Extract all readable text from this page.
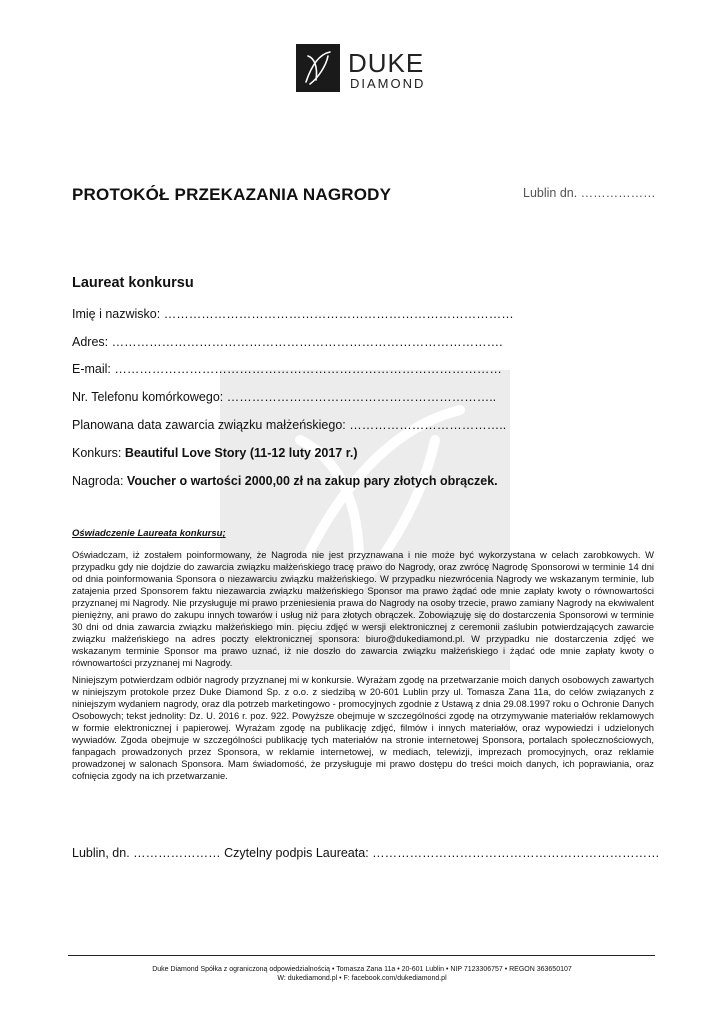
DUKE
DIAMOND
PROTOKÓŁ PRZEKAZANIA NAGRODY	Lublin dn. ………………
Laureat konkursu
Imię i nazwisko: …………………………………………………………………………
Adres: ………………………………………………………………………………….
E-mail: …………………………………………………………………………………
Nr. Telefonu komórkowego: ………………………………………………………..
Planowana data zawarcia związku małżeńskiego: ………………………………..
Konkurs: Beautiful Love Story (11-12 luty 2017 r.)
Nagroda: Voucher o wartości 2000,00 zł na zakup pary złotych obrączek.
Oświadczenie Laureata konkursu;
Oświadczam, iż zostałem poinformowany, że Nagroda nie jest przyznawana i nie może być wykorzystana w celach zarobkowych. W przypadku gdy nie dojdzie do zawarcia związku małżeńskiego tracę prawo do Nagrody, oraz zwrócę Nagrodę Sponsorowi w terminie 14 dni od dnia poinformowania Sponsora o niezawarciu związku małżeńskiego. W przypadku niezwrócenia Nagrody we wskazanym terminie, lub zatajenia przed Sponsorem faktu niezawarcia związku małżeńskiego Sponsor ma prawo żądać ode mnie zapłaty kwoty o równowartości przyznanej mi Nagrody. Nie przysługuje mi prawo przeniesienia prawa do Nagrody na osoby trzecie, prawo zamiany Nagrody na ekwiwalent pieniężny, ani prawo do zakupu innych towarów i usług niż para złotych obrączek. Zobowiązuję się do dostarczenia Sponsorowi w terminie 30 dni od dnia zawarcia związku małżeńskiego min. pięciu zdjęć w wersji elektronicznej z ceremonii zaślubin potwierdzających zawarcie związku małżeńskiego na adres poczty elektronicznej sponsora: biuro@dukediamond.pl. W przypadku nie dostarczenia zdjęć we wskazanym terminie Sponsor ma prawo uznać, iż nie doszło do zawarcia związku małżeńskiego i żądać ode mnie zapłaty kwoty o równowartości przyznanej mi Nagrody.
Niniejszym potwierdzam odbiór nagrody przyznanej mi w konkursie. Wyrażam zgodę na przetwarzanie moich danych osobowych zawartych w niniejszym protokole przez Duke Diamond Sp. z o.o. z siedzibą w 20-601 Lublin przy ul. Tomasza Zana 11a, do celów związanych z niniejszym wydaniem nagrody, oraz dla potrzeb marketingowo - promocyjnych zgodnie z Ustawą z dnia 29.08.1997 roku o Ochronie Danych Osobowych; tekst jednolity: Dz. U. 2016 r. poz. 922. Powyższe obejmuje w szczególności zgodę na otrzymywanie materiałów reklamowych w formie elektronicznej i papierowej. Wyrażam zgodę na publikację zdjęć, filmów i innych materiałów, oraz wypowiedzi i udzielonych wywiadów. Zgoda obejmuje w szczególności publikację tych materiałów na stronie internetowej Sponsora, portalach społecznościowych, fanpagach prowadzonych przez Sponsora, w reklamie internetowej, w mediach, telewizji, imprezach promocyjnych, oraz reklamie prowadzonej w salonach Sponsora. Mam świadomość, że przysługuje mi prawo dostępu do treści moich danych, ich poprawiania, oraz cofnięcia zgody na ich przetwarzanie.
Lublin, dn. ………………… Czytelny podpis Laureata: ……………………………………………………………
Duke Diamond Spółka z ograniczoną odpowiedzialnością • Tomasza Zana 11a • 20-601 Lublin • NIP 7123306757 • REGON 363650107
W: dukediamond.pl • F: facebook.com/dukediamond.pl
